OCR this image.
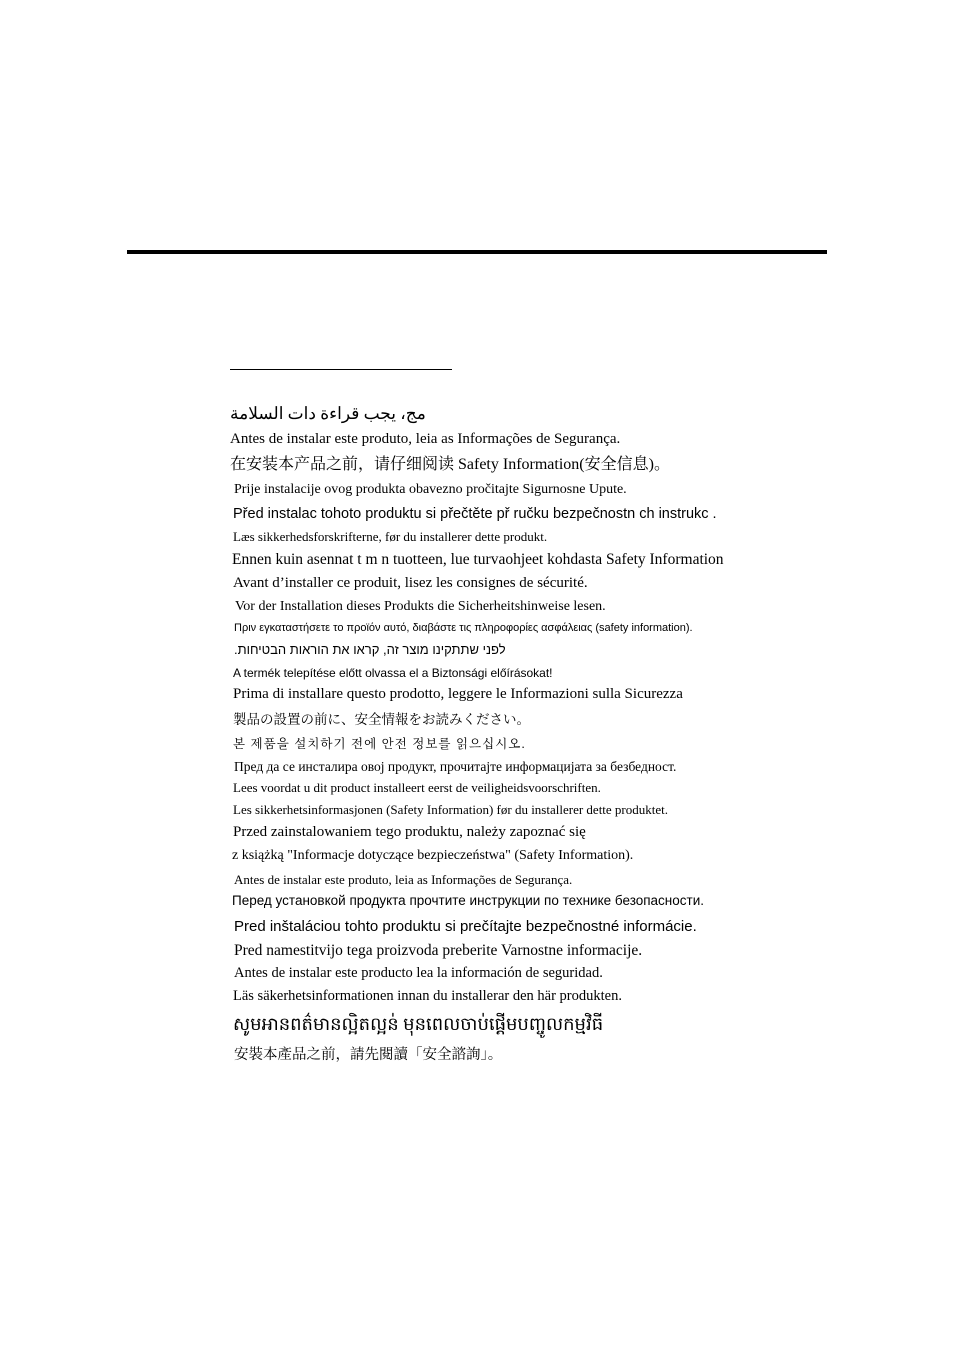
مج، يجب قراءة دات السلامة
Antes de instalar este produto, leia as Informações de Segurança.
在安装本产品之前，请仔细阅读 Safety Information(安全信息)。
Prije instalacije ovog produkta obavezno pročitajte Sigurnosne Upute.
Před instalac tohoto produktu si přečtěte př ručku bezpečnostn ch instrukc .
Læs sikkerhedsforskrifterne, før du installerer dette produkt.
Ennen kuin asennat t m n tuotteen, lue turvaohjeet kohdasta Safety Information
Avant d’installer ce produit, lisez les consignes de sécurité.
Vor der Installation dieses Produkts die Sicherheitshinweise lesen.
Πριν εγκαταστήσετε το προϊόν αυτό, διαβάστε τις πληροφορίες ασφάλειας (safety information).
לפני שתתקינו מוצר זה, קראו את הוראות הבטיחות.
A termék telepítése előtt olvassa el a Biztonsági előírásokat!
Prima di installare questo prodotto, leggere le Informazioni sulla Sicurezza
製品の設置の前に、安全情報をお読みください。
본 제품을 설치하기 전에 안전 정보를 읽으십시오.
Пред да се инсталира овој продукт, прочитајте информацијата за безбедност.
Lees voordat u dit product installeert eerst de veiligheidsvoorschriften.
Les sikkerhetsinformasjonen (Safety Information) før du installerer dette produktet.
Przed zainstalowaniem tego produktu, należy zapoznać się
z książką "Informacje dotyczące bezpieczeństwa" (Safety Information).
Antes de instalar este produto, leia as Informações de Segurança.
Перед установкой продукта прочтите инструкции по технике безопасности.
Pred inštaláciou tohto produktu si prečítajte bezpečnostné informácie.
Pred namestitvijo tega proizvoda preberite Varnostne informacije.
Antes de instalar este producto lea la información de seguridad.
Läs säkerhetsinformationen innan du installerar den här produkten.
សូមអានពត៌មានល្អិតល្អន់ មុនពេលចាប់ផ្តើមបញ្ចូលកម្មវិធី
安裝本產品之前，請先閱讀「安全諮詢」。
